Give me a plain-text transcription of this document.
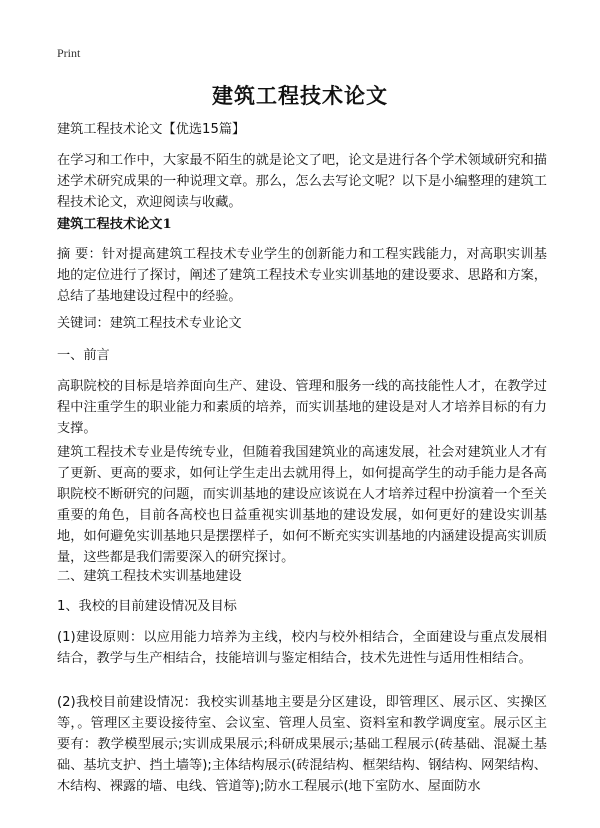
Print
建筑工程技术论文

建筑工程技术论文【优选15篇】

在学习和工作中，大家最不陌生的就是论文了吧，论文是进行各个学术领域研究和描述学术研究成果的一种说理文章。那么，怎么去写论文呢？以下是小编整理的建筑工程技术论文，欢迎阅读与收藏。

建筑工程技术论文1

摘 要：针对提高建筑工程技术专业学生的创新能力和工程实践能力，对高职实训基地的定位进行了探讨，阐述了建筑工程技术专业实训基地的建设要求、思路和方案，总结了基地建设过程中的经验。

关键词：建筑工程技术专业论文

一、前言

高职院校的目标是培养面向生产、建设、管理和服务一线的高技能性人才，在教学过程中注重学生的职业能力和素质的培养，而实训基地的建设是对人才培养目标的有力支撑。

建筑工程技术专业是传统专业，但随着我国建筑业的高速发展，社会对建筑业人才有了更新、更高的要求，如何让学生走出去就用得上，如何提高学生的动手能力是各高职院校不断研究的问题，而实训基地的建设应该说在人才培养过程中扮演着一个至关重要的角色，目前各高校也日益重视实训基地的建设发展，如何更好的建设实训基地，如何避免实训基地只是摆摆样子，如何不断充实实训基地的内涵建设提高实训质量，这些都是我们需要深入的研究探讨。

二、建筑工程技术实训基地建设

1、我校的目前建设情况及目标

(1)建设原则：以应用能力培养为主线，校内与校外相结合，全面建设与重点发展相结合，教学与生产相结合，技能培训与鉴定相结合，技术先进性与适用性相结合。

(2)我校目前建设情况：我校实训基地主要是分区建设，即管理区、展示区、实操区等，。管理区主要设接待室、会议室、管理人员室、资料室和教学调度室。展示区主要有：教学模型展示;实训成果展示;科研成果展示;基础工程展示(砖基础、混凝土基础、基坑支护、挡土墙等);主体结构展示(砖混结构、框架结构、钢结构、网架结构、木结构、裸露的墙、电线、管道等);防水工程展示(地下室防水、屋面防水
